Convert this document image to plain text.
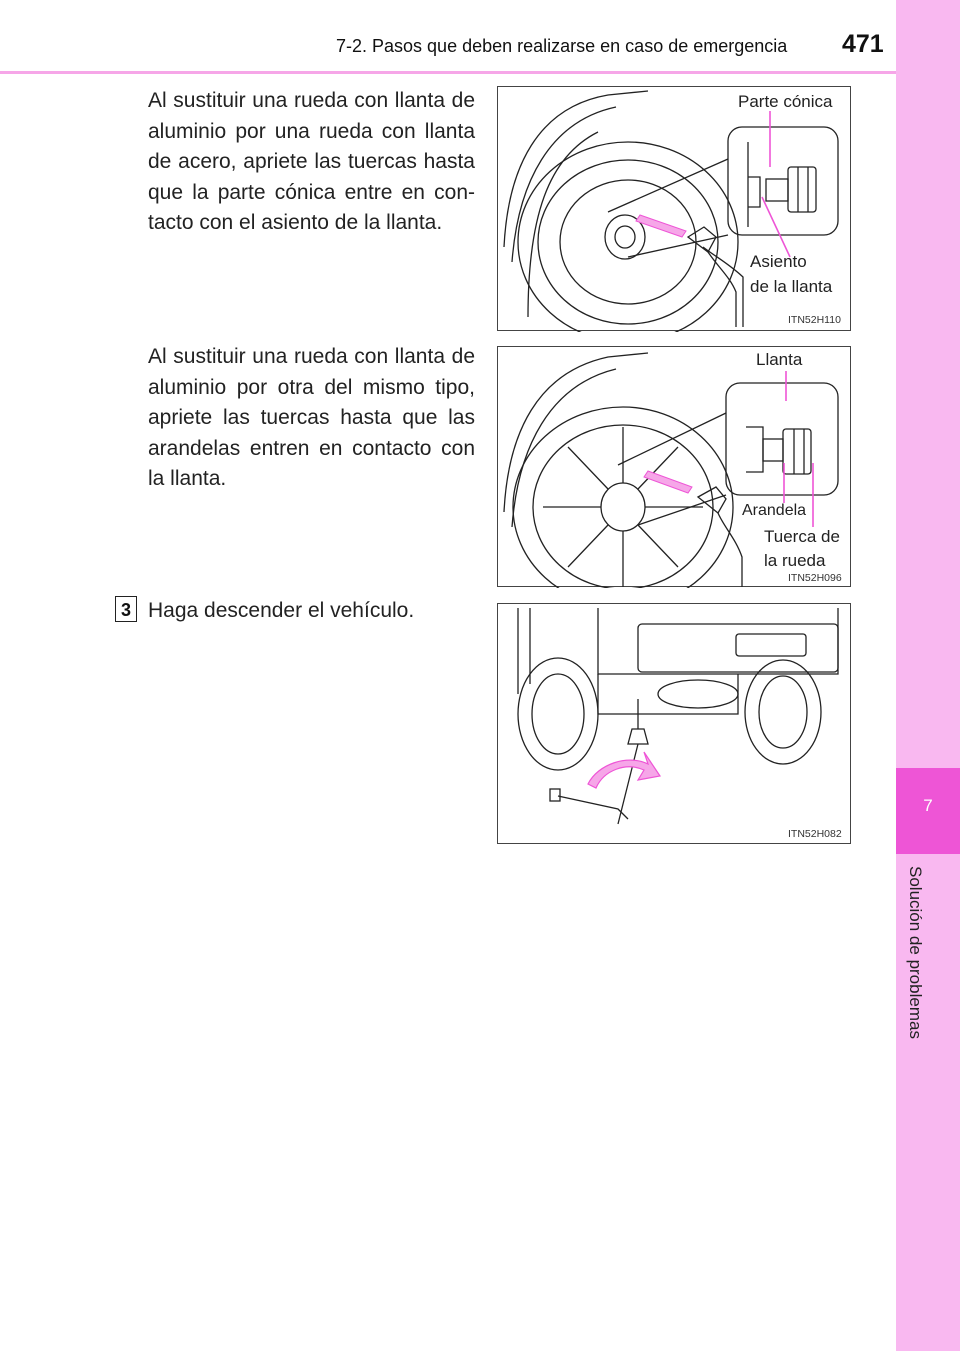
7-2. Pasos que deben realizarse en caso de emergencia 471
7
Solución de problemas

Al sustituir una rueda con llanta de aluminio por una rueda con llanta de acero, apriete las tuercas hasta que la parte cónica entre en con-tacto con el asiento de la llanta.

Al sustituir una rueda con llanta de aluminio por otra del mismo tipo, apriete las tuercas hasta que las arandelas entren en contacto con la llanta.

3 Haga descender el vehículo.

Parte cónica
Asiento
de la llanta
ITN52H110
Llanta
Arandela
Tuerca de
la rueda
ITN52H096
ITN52H082
